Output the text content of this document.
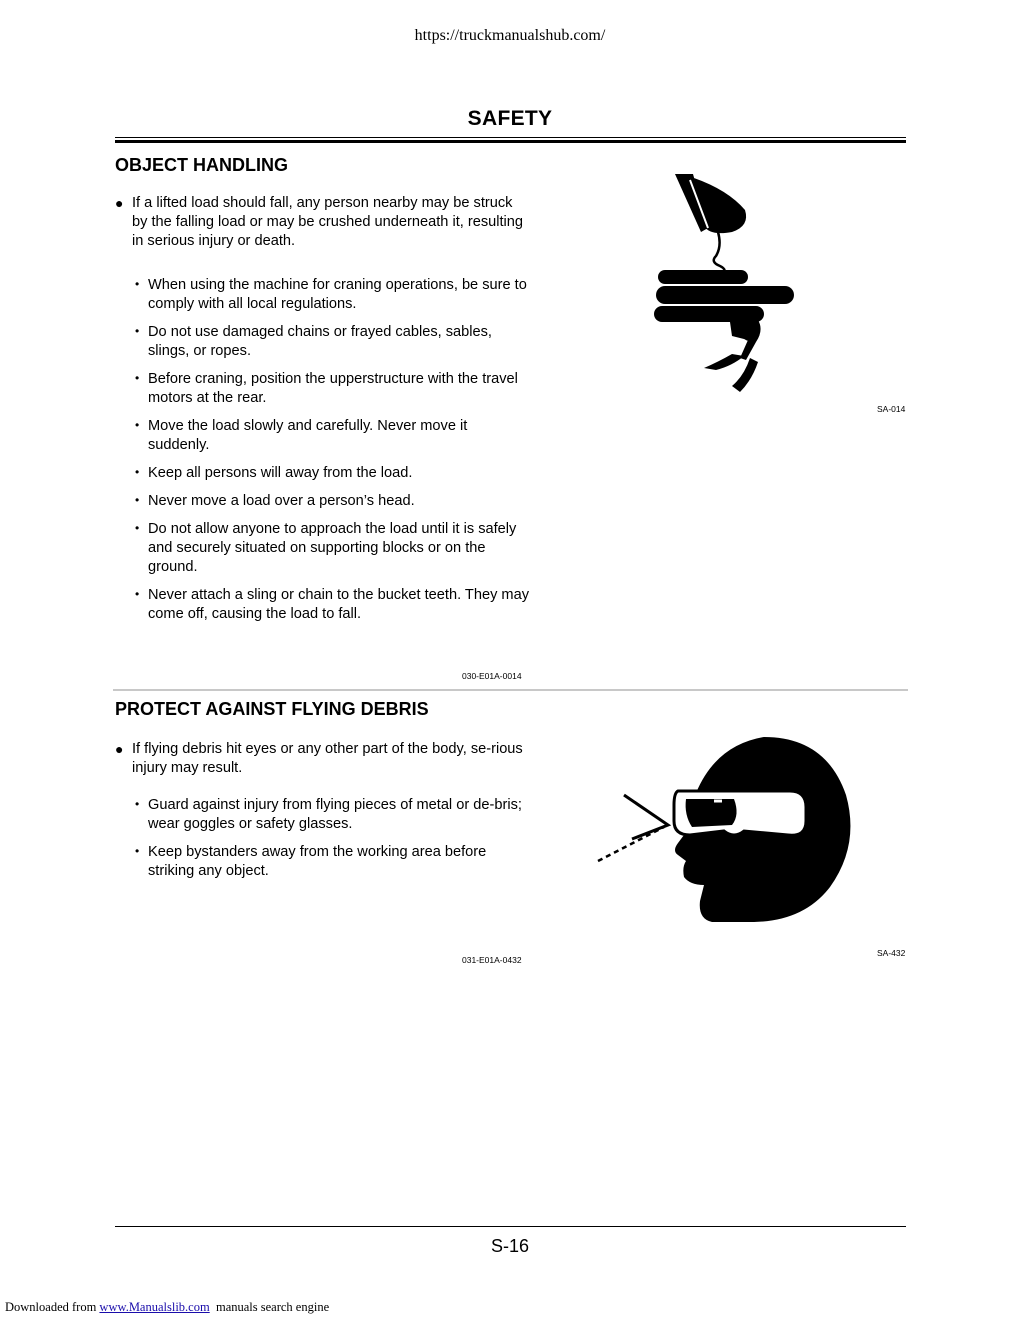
https://truckmanualshub.com/
SAFETY
OBJECT HANDLING
● If a lifted load should fall, any person nearby may be struck by the falling load or may be crushed underneath it, resulting in serious injury or death.
• When using the machine for craning operations, be sure to comply with all local regulations.
• Do not use damaged chains or frayed cables, sables, slings, or ropes.
• Before craning, position the upperstructure with the travel motors at the rear.
• Move the load slowly and carefully. Never move it suddenly.
• Keep all persons will away from the load.
• Never move a load over a person’s head.
• Do not allow anyone to approach the load until it is safely and securely situated on supporting blocks or on the ground.
• Never attach a sling or chain to the bucket teeth. They may come off, causing the load to fall.
SA-014
030-E01A-0014
PROTECT AGAINST FLYING DEBRIS
● If flying debris hit eyes or any other part of the body, se-rious injury may result.
• Guard against injury from flying pieces of metal or de-bris; wear goggles or safety glasses.
• Keep bystanders away from the working area before striking any object.
SA-432
031-E01A-0432
S-16
Downloaded from www.Manualslib.com manuals search engine
